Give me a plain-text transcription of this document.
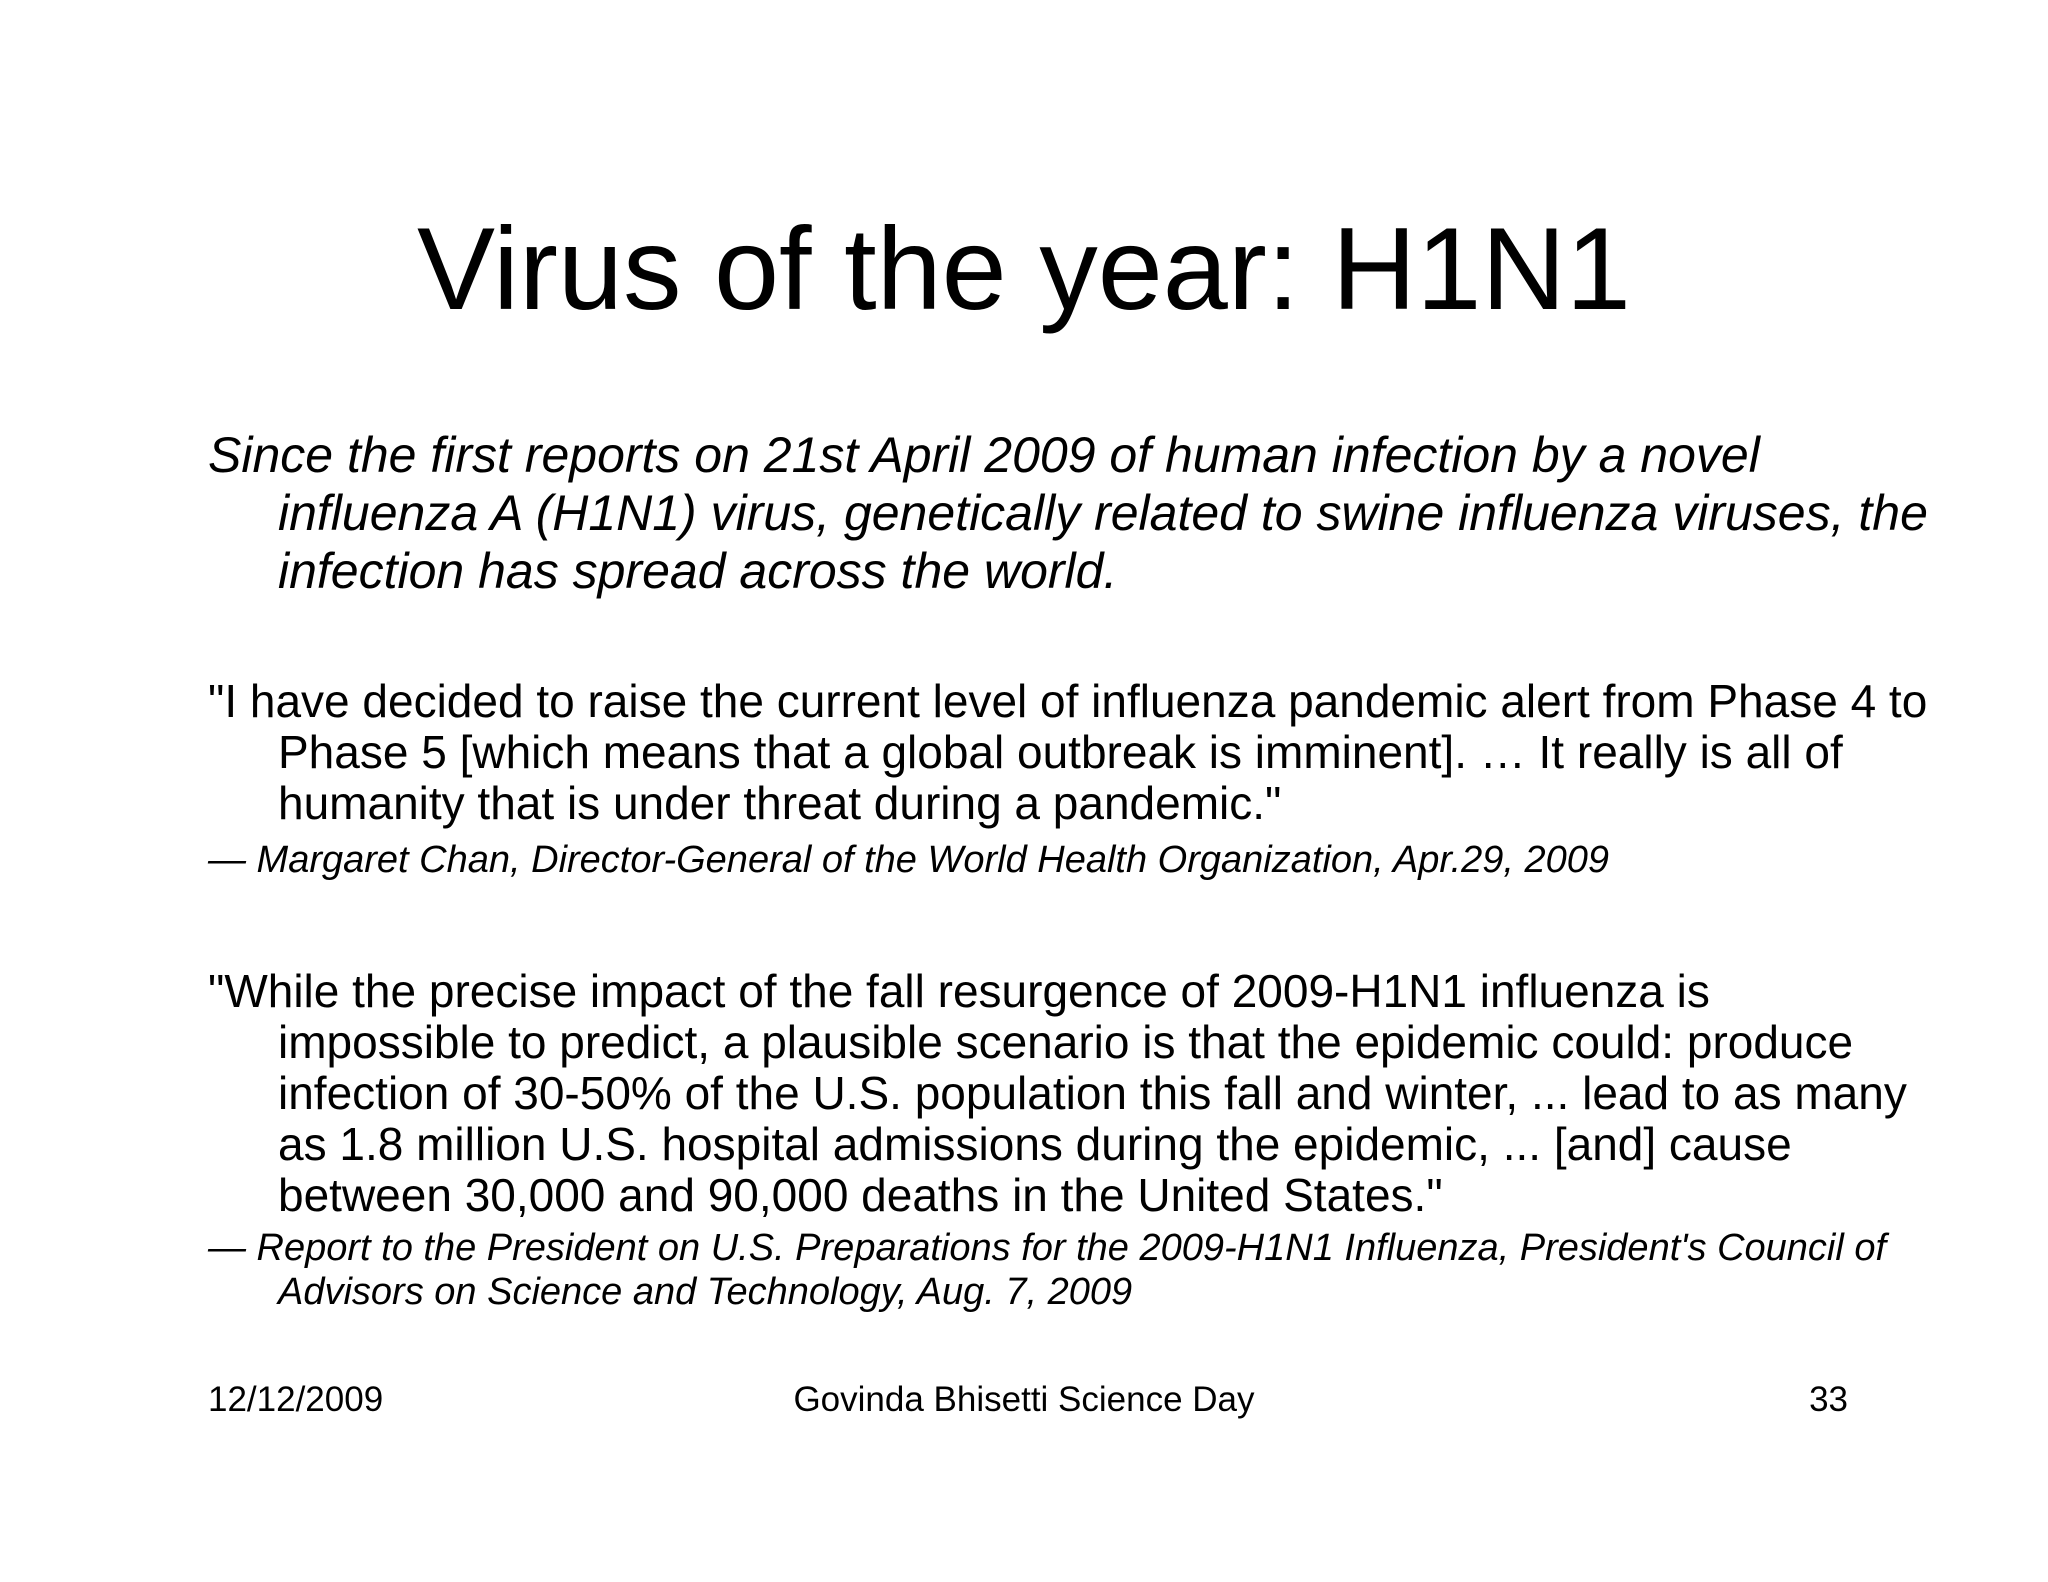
Virus of the year: H1N1

Since the first reports on 21st April 2009 of human infection by a novel influenza A (H1N1) virus, genetically related to swine influenza viruses, the infection has spread across the world.

"I have decided to raise the current level of influenza pandemic alert from Phase 4 to Phase 5 [which means that a global outbreak is imminent]. … It really is all of humanity that is under threat during a pandemic."

— Margaret Chan, Director-General of the World Health Organization, Apr.29, 2009

"While the precise impact of the fall resurgence of 2009-H1N1 influenza is impossible to predict, a plausible scenario is that the epidemic could: produce infection of 30-50% of the U.S. population this fall and winter, ... lead to as many as 1.8 million U.S. hospital admissions during the epidemic, ... [and] cause between 30,000 and 90,000 deaths in the United States."

— Report to the President on U.S. Preparations for the 2009-H1N1 Influenza, President's Council of Advisors on Science and Technology, Aug. 7, 2009

12/12/2009	Govinda Bhisetti Science Day	33
